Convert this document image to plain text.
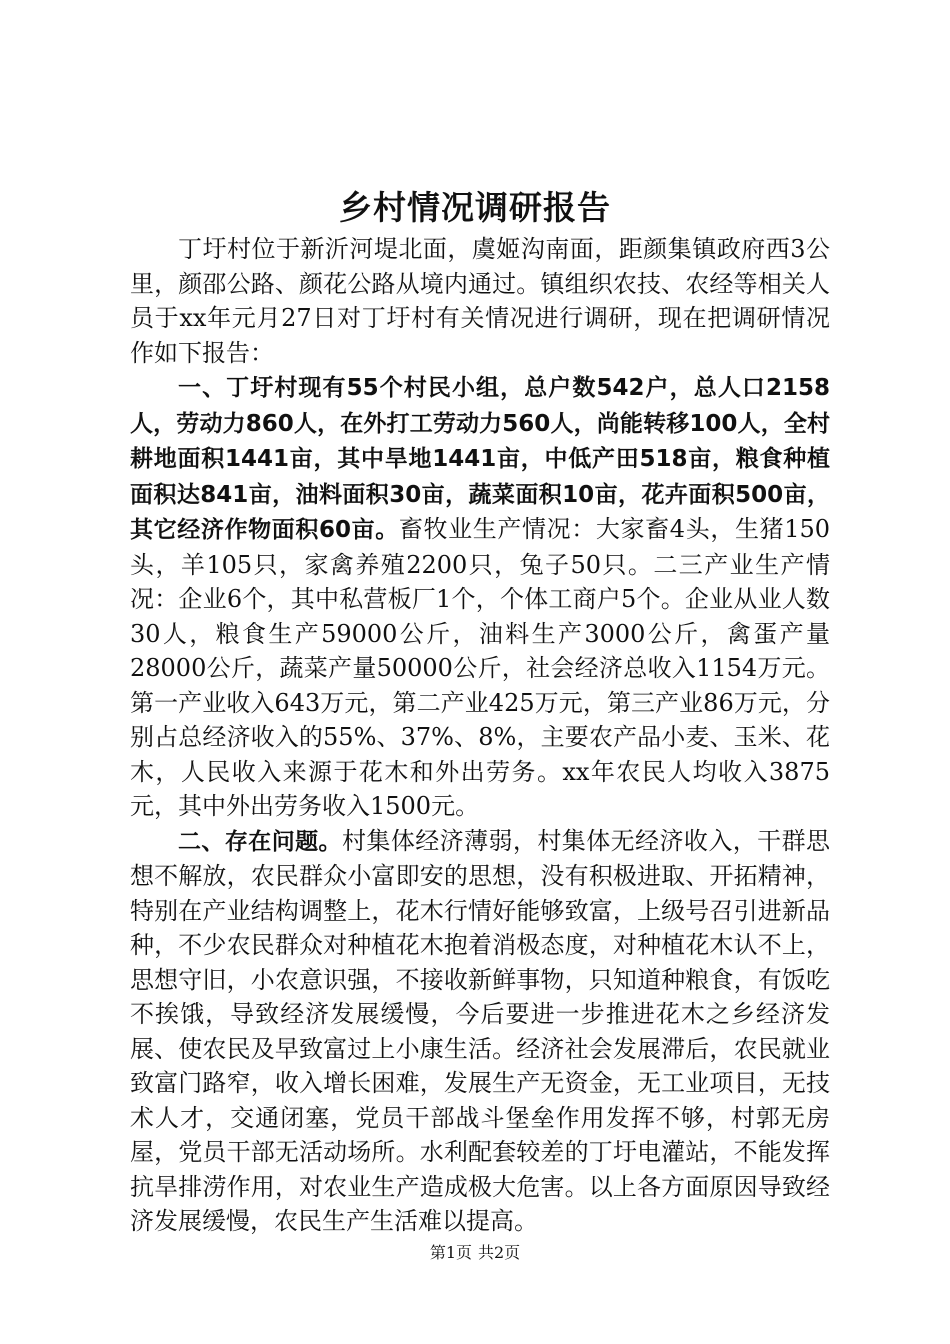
乡村情况调研报告

丁圩村位于新沂河堤北面，虞姬沟南面，距颜集镇政府西3公里，颜邵公路、颜花公路从境内通过。镇组织农技、农经等相关人员于xx年元月27日对丁圩村有关情况进行调研，现在把调研情况作如下报告：

一、丁圩村现有55个村民小组，总户数542户，总人口2158人，劳动力860人，在外打工劳动力560人，尚能转移100人，全村耕地面积1441亩，其中旱地1441亩，中低产田518亩，粮食种植面积达841亩，油料面积30亩，蔬菜面积10亩，花卉面积500亩，其它经济作物面积60亩。畜牧业生产情况：大家畜4头，生猪150头，羊105只，家禽养殖2200只，兔子50只。二三产业生产情况：企业6个，其中私营板厂1个，个体工商户5个。企业从业人数30人，粮食生产59000公斤，油料生产3000公斤，禽蛋产量28000公斤，蔬菜产量50000公斤，社会经济总收入1154万元。第一产业收入643万元，第二产业425万元，第三产业86万元，分别占总经济收入的55%、37%、8%，主要农产品小麦、玉米、花木，人民收入来源于花木和外出劳务。xx年农民人均收入3875元，其中外出劳务收入1500元。

二、存在问题。村集体经济薄弱，村集体无经济收入，干群思想不解放，农民群众小富即安的思想，没有积极进取、开拓精神，特别在产业结构调整上，花木行情好能够致富，上级号召引进新品种，不少农民群众对种植花木抱着消极态度，对种植花木认不上，思想守旧，小农意识强，不接收新鲜事物，只知道种粮食，有饭吃不挨饿，导致经济发展缓慢，今后要进一步推进花木之乡经济发展、使农民及早致富过上小康生活。经济社会发展滞后，农民就业致富门路窄，收入增长困难，发展生产无资金，无工业项目，无技术人才，交通闭塞，党员干部战斗堡垒作用发挥不够，村郭无房屋，党员干部无活动场所。水利配套较差的丁圩电灌站，不能发挥抗旱排涝作用，对农业生产造成极大危害。以上各方面原因导致经济发展缓慢，农民生产生活难以提高。

第1页 共2页
